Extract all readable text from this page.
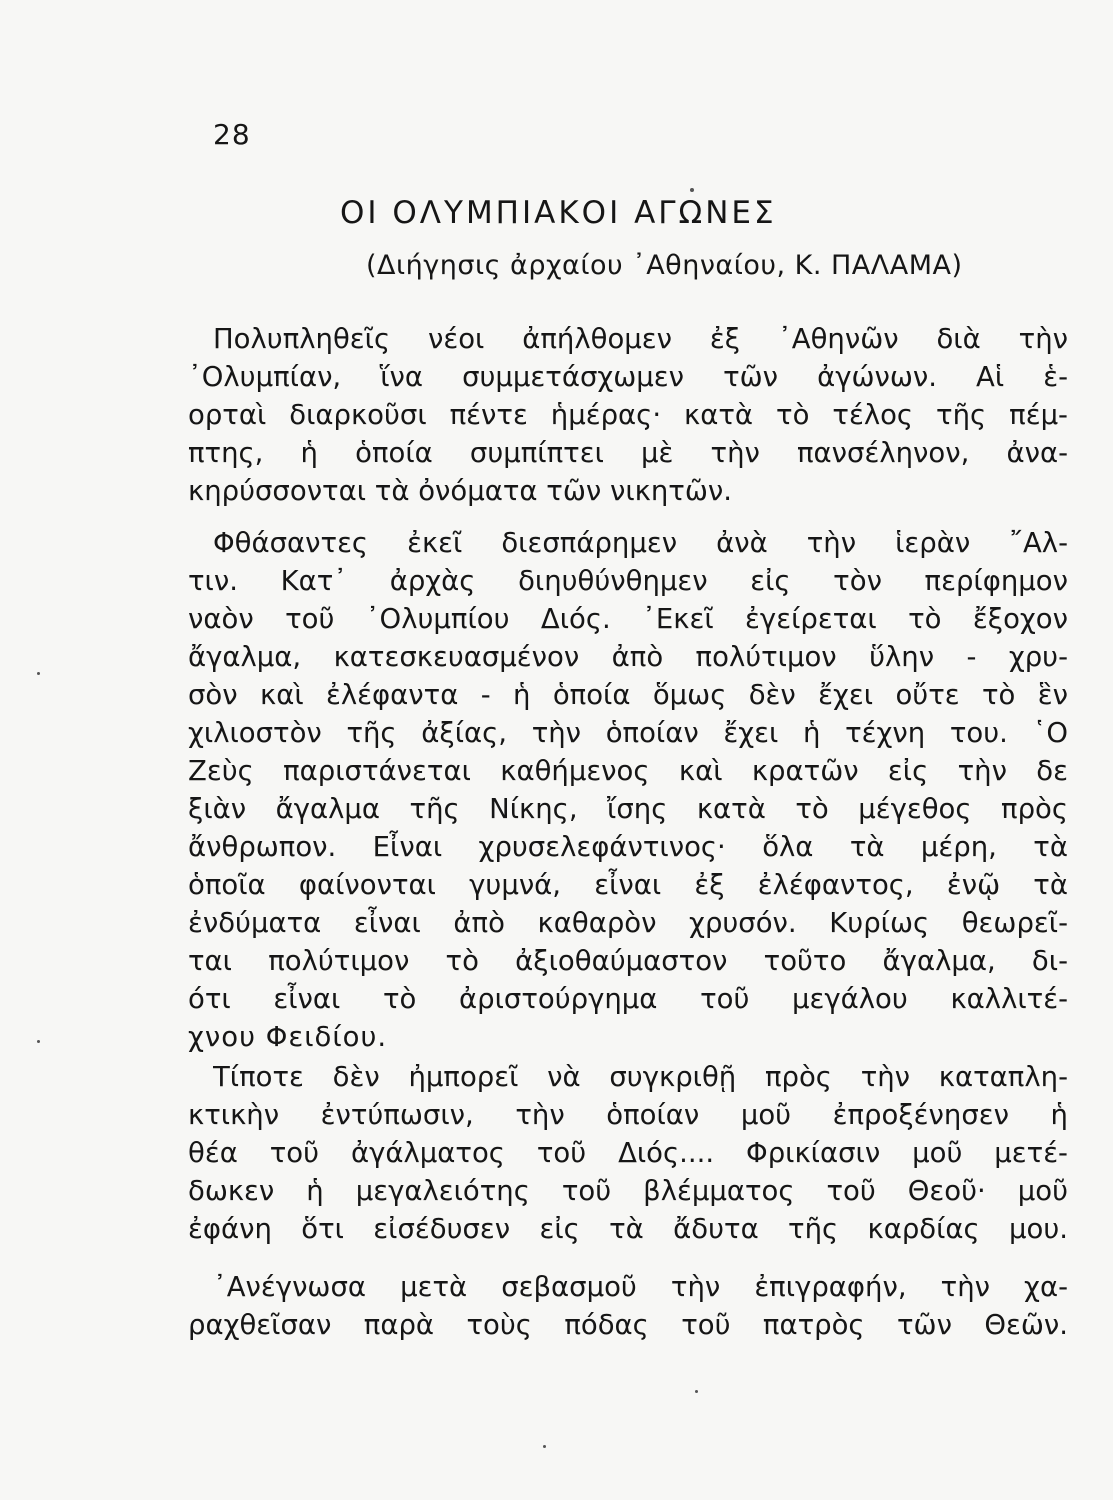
28
ΟΙ ΟΛΥΜΠΙΑΚΟΙ ΑΓΩΝΕΣ
(Διήγησις ἀρχαίου ᾿Αθηναίου, Κ. ΠΑΛΑΜΑ)
Πολυπληθεῖς νέοι ἀπήλθομεν ἐξ ᾿Αθηνῶν διὰ τὴν
᾿Ολυμπίαν, ἵνα συμμετάσχωμεν τῶν ἀγώνων. Αἱ ἑ-
ορταὶ διαρκοῦσι πέντε ἡμέρας· κατὰ τὸ τέλος τῆς πέμ-
πτης, ἡ ὁποία συμπίπτει μὲ τὴν πανσέληνον, ἀνα-
κηρύσσονται τὰ ὀνόματα τῶν νικητῶν.
Φθάσαντες ἐκεῖ διεσπάρημεν ἀνὰ τὴν ἱερὰν ῎Αλ-
τιν. Κατ᾿ ἀρχὰς διηυθύνθημεν εἰς τὸν περίφημον
ναὸν τοῦ ᾿Ολυμπίου Διός. ᾿Εκεῖ ἐγείρεται τὸ ἔξοχον
ἄγαλμα, κατεσκευασμένον ἀπὸ πολύτιμον ὕλην - χρυ-
σὸν καὶ ἐλέφαντα - ἡ ὁποία ὅμως δὲν ἔχει οὔτε τὸ ἓν
χιλιοστὸν τῆς ἀξίας, τὴν ὁποίαν ἔχει ἡ τέχνη του. ῾Ο
Ζεὺς παριστάνεται καθήμενος καὶ κρατῶν εἰς τὴν δε
ξιὰν ἄγαλμα τῆς Νίκης, ἴσης κατὰ τὸ μέγεθος πρὸς
ἄνθρωπον. Εἶναι χρυσελεφάντινος· ὅλα τὰ μέρη, τὰ
ὁποῖα φαίνονται γυμνά, εἶναι ἐξ ἐλέφαντος, ἐνῷ τὰ
ἐνδύματα εἶναι ἀπὸ καθαρὸν χρυσόν. Κυρίως θεωρεῖ-
ται πολύτιμον τὸ ἀξιοθαύμαστον τοῦτο ἄγαλμα, δι-
ότι εἶναι τὸ ἀριστούργημα τοῦ μεγάλου καλλιτέ-
χνου Φειδίου.
Τίποτε δὲν ἠμπορεῖ νὰ συγκριθῇ πρὸς τὴν καταπλη-
κτικὴν ἐντύπωσιν, τὴν ὁποίαν μοῦ ἐπροξένησεν ἡ
θέα τοῦ ἀγάλματος τοῦ Διός.... Φρικίασιν μοῦ μετέ-
δωκεν ἡ μεγαλειότης τοῦ βλέμματος τοῦ Θεοῦ· μοῦ
ἐφάνη ὅτι εἰσέδυσεν εἰς τὰ ἄδυτα τῆς καρδίας μου.
᾿Ανέγνωσα μετὰ σεβασμοῦ τὴν ἐπιγραφήν, τὴν χα-
ραχθεῖσαν παρὰ τοὺς πόδας τοῦ πατρὸς τῶν Θεῶν.
